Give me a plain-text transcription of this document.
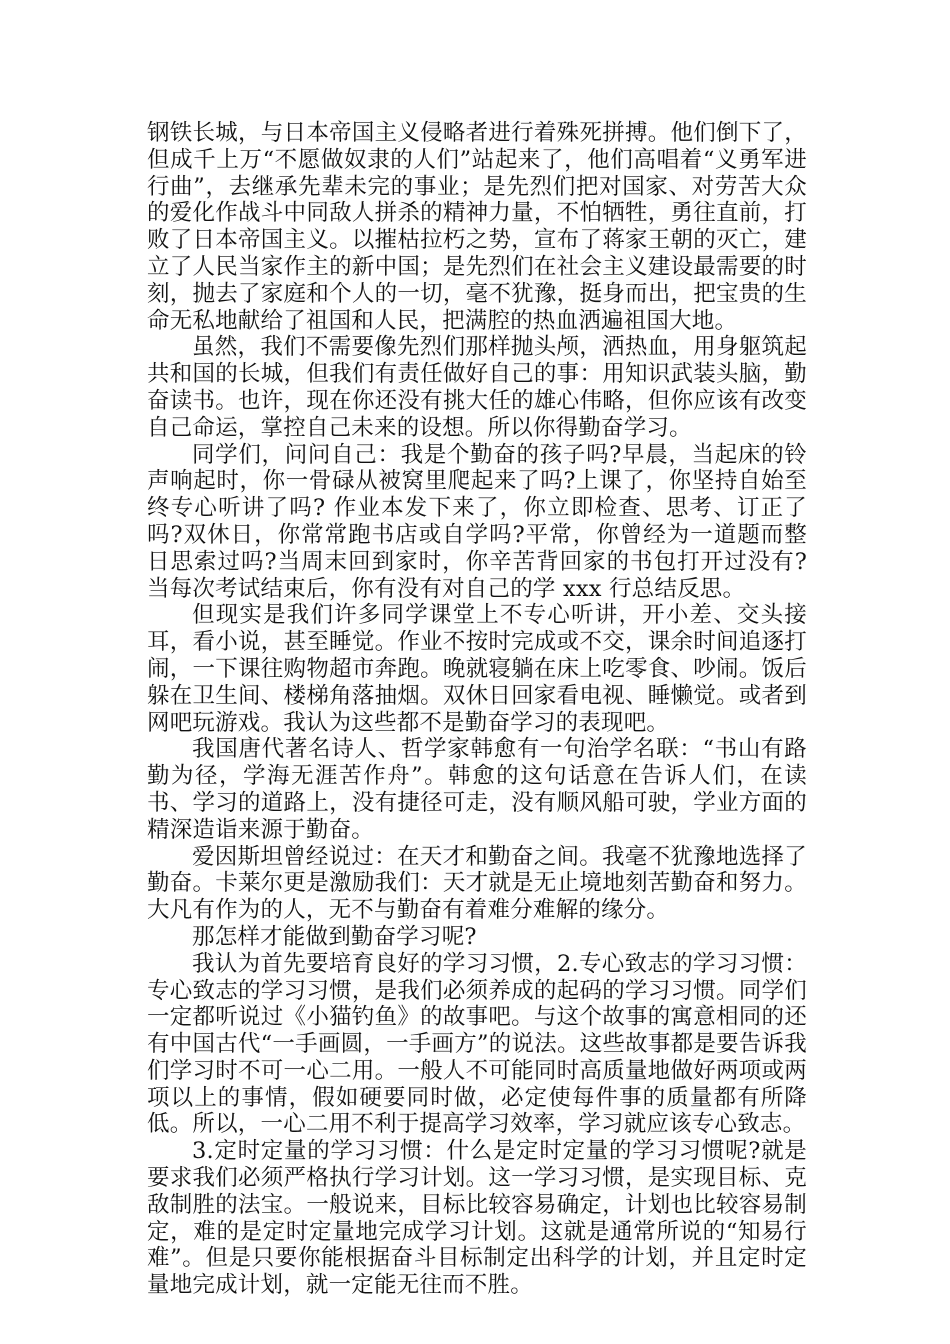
钢铁长城，与日本帝国主义侵略者进行着殊死拼搏。他们倒下了，但成千上万“不愿做奴隶的人们”站起来了，他们高唱着“义勇军进行曲”，去继承先辈未完的事业；是先烈们把对国家、对劳苦大众的爱化作战斗中同敌人拼杀的精神力量，不怕牺牲，勇往直前，打败了日本帝国主义。以摧枯拉朽之势，宣布了蒋家王朝的灭亡，建立了人民当家作主的新中国；是先烈们在社会主义建设最需要的时刻，抛去了家庭和个人的一切，毫不犹豫，挺身而出，把宝贵的生命无私地献给了祖国和人民，把满腔的热血洒遍祖国大地。

虽然，我们不需要像先烈们那样抛头颅，洒热血，用身躯筑起共和国的长城，但我们有责任做好自己的事：用知识武装头脑，勤奋读书。也许，现在你还没有挑大任的雄心伟略，但你应该有改变自己命运，掌控自己未来的设想。所以你得勤奋学习。

同学们，问问自己：我是个勤奋的孩子吗?早晨，当起床的铃声响起时，你一骨碌从被窝里爬起来了吗?上课了，你坚持自始至终专心听讲了吗? 作业本发下来了，你立即检查、思考、订正了吗?双休日，你常常跑书店或自学吗?平常，你曾经为一道题而整日思索过吗?当周末回到家时，你辛苦背回家的书包打开过没有?当每次考试结束后，你有没有对自己的学 xxx 行总结反思。

但现实是我们许多同学课堂上不专心听讲，开小差、交头接耳，看小说，甚至睡觉。作业不按时完成或不交，课余时间追逐打闹，一下课往购物超市奔跑。晚就寝躺在床上吃零食、吵闹。饭后躲在卫生间、楼梯角落抽烟。双休日回家看电视、睡懒觉。或者到网吧玩游戏。我认为这些都不是勤奋学习的表现吧。

我国唐代著名诗人、哲学家韩愈有一句治学名联：“书山有路勤为径，学海无涯苦作舟”。韩愈的这句话意在告诉人们，在读书、学习的道路上，没有捷径可走，没有顺风船可驶，学业方面的精深造诣来源于勤奋。

爱因斯坦曾经说过：在天才和勤奋之间。我毫不犹豫地选择了勤奋。卡莱尔更是激励我们：天才就是无止境地刻苦勤奋和努力。大凡有作为的人，无不与勤奋有着难分难解的缘分。

那怎样才能做到勤奋学习呢?

我认为首先要培育良好的学习习惯，2.专心致志的学习习惯：专心致志的学习习惯，是我们必须养成的起码的学习习惯。同学们一定都听说过《小猫钓鱼》的故事吧。与这个故事的寓意相同的还有中国古代“一手画圆，一手画方”的说法。这些故事都是要告诉我们学习时不可一心二用。一般人不可能同时高质量地做好两项或两项以上的事情，假如硬要同时做，必定使每件事的质量都有所降低。所以，一心二用不利于提高学习效率，学习就应该专心致志。

3.定时定量的学习习惯：什么是定时定量的学习习惯呢?就是要求我们必须严格执行学习计划。这一学习习惯，是实现目标、克敌制胜的法宝。一般说来，目标比较容易确定，计划也比较容易制定，难的是定时定量地完成学习计划。这就是通常所说的“知易行难”。但是只要你能根据奋斗目标制定出科学的计划，并且定时定量地完成计划，就一定能无往而不胜。
